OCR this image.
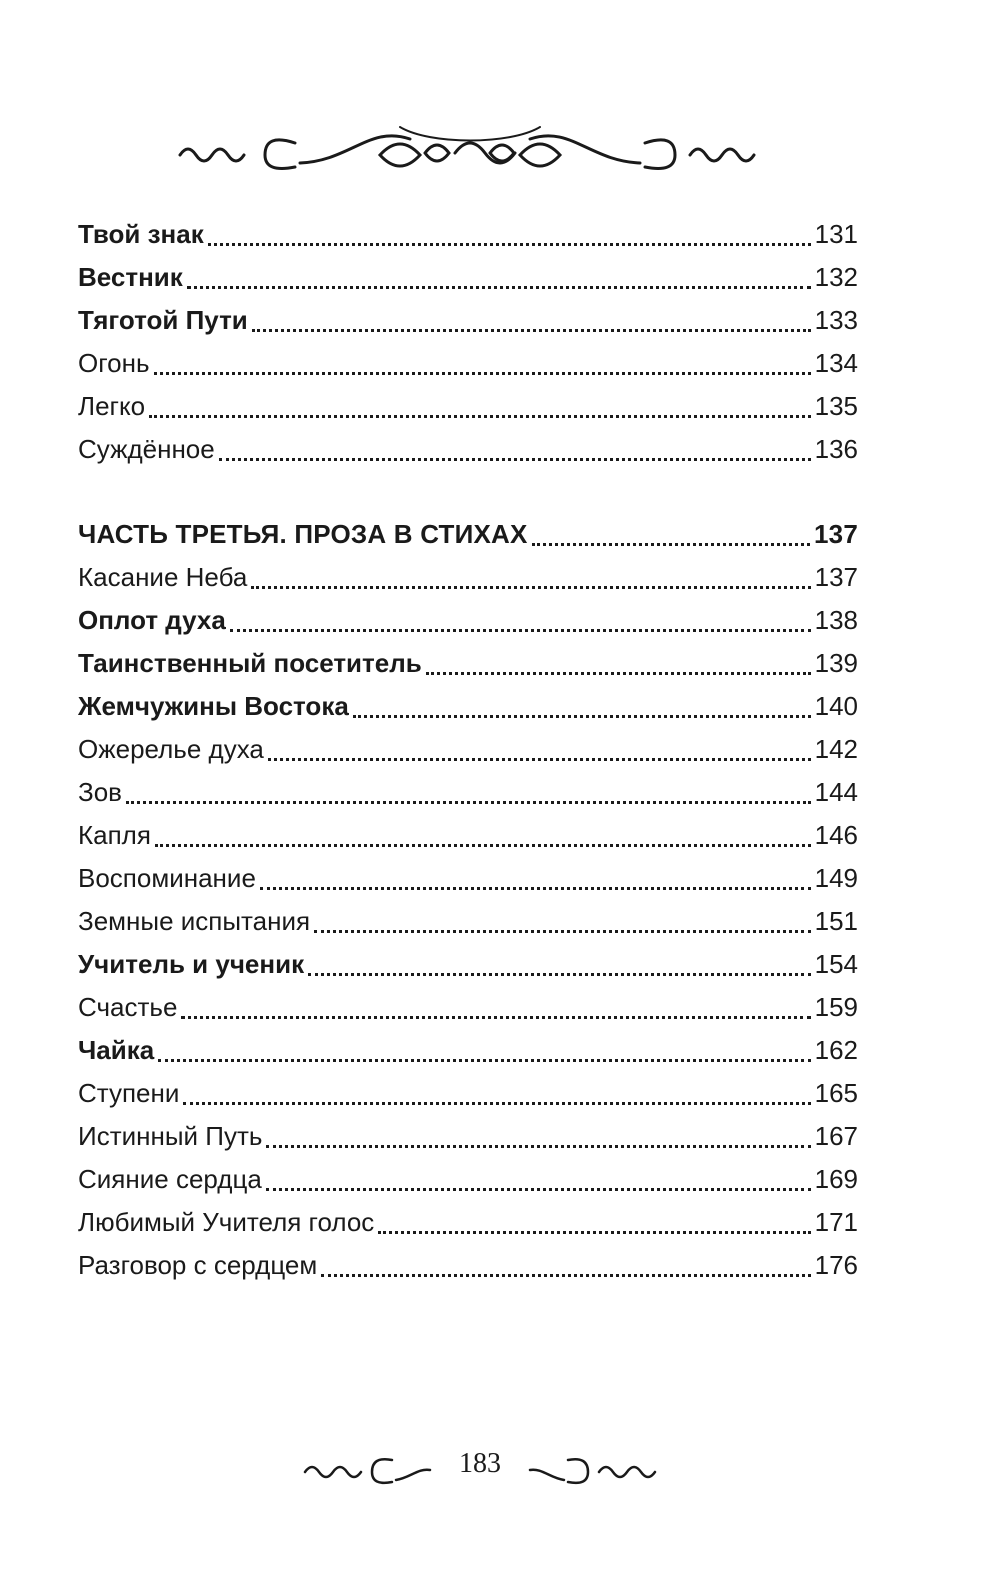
Твой знак	131
Вестник	132
Тяготой Пути	133
Огонь	134
Легко	135
Суждённое	136
ЧАСТЬ ТРЕТЬЯ. ПРОЗА В СТИХАХ	137
Касание Неба	137
Оплот духа	138
Таинственный посетитель	139
Жемчужины Востока	140
Ожерелье духа	142
Зов	144
Капля	146
Воспоминание	149
Земные испытания	151
Учитель и ученик	154
Счастье	159
Чайка	162
Ступени	165
Истинный Путь	167
Сияние сердца	169
Любимый Учителя голос	171
Разговор с сердцем	176
183
